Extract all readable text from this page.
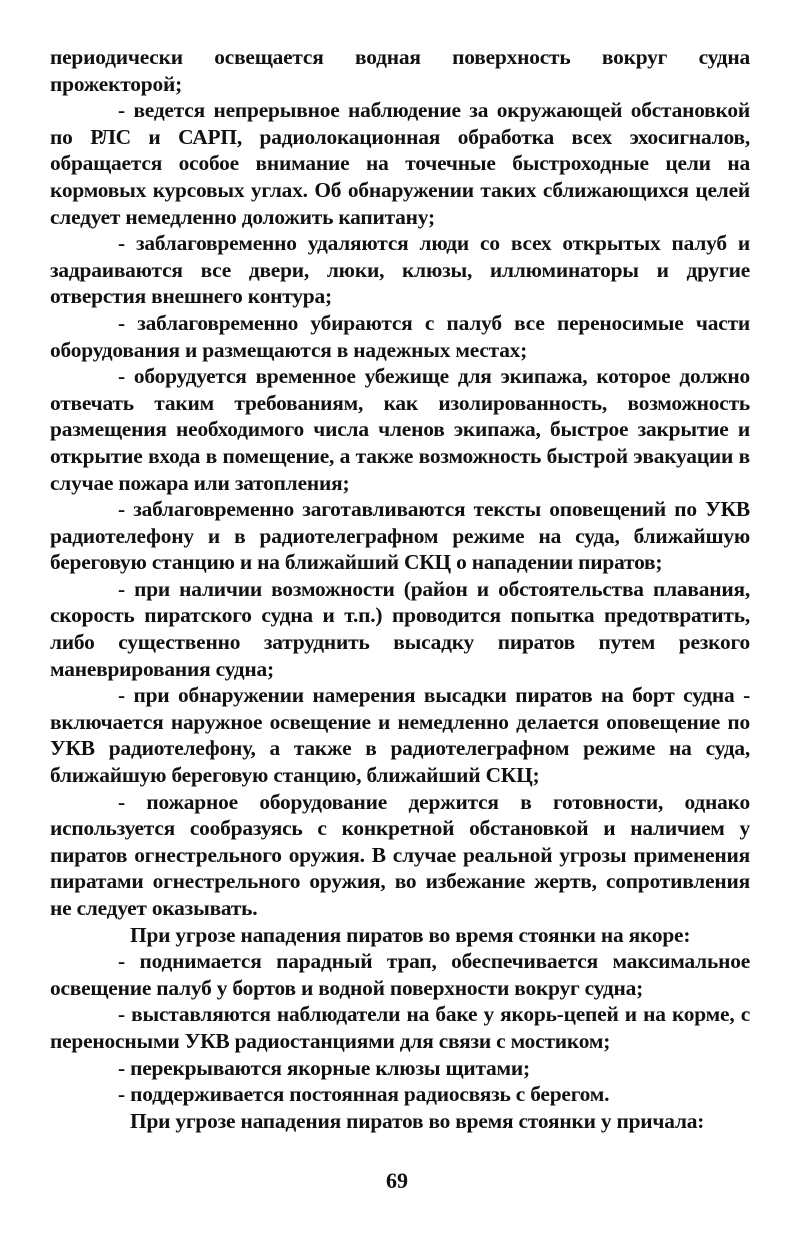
периодически освещается водная поверхность вокруг судна прожекторой;

- ведется непрерывное наблюдение за окружающей обстановкой по РЛС и САРП, радиолокационная обработка всех эхосигналов, обращается особое внимание на точечные быстроходные цели на кормовых курсовых углах. Об обнаружении таких сближающихся целей следует немедленно доложить капитану;

- заблаговременно удаляются люди со всех открытых палуб и задраиваются все двери, люки, клюзы, иллюминаторы и другие отверстия внешнего контура;

- заблаговременно убираются с палуб все переносимые части оборудования и размещаются в надежных местах;

- оборудуется временное убежище для экипажа, которое должно отвечать таким требованиям, как изолированность, возможность размещения необходимого числа членов экипажа, быстрое закрытие и открытие входа в помещение, а также возможность быстрой эвакуации в случае пожара или затопления;

- заблаговременно заготавливаются тексты оповещений по УКВ радиотелефону и в радиотелеграфном режиме на суда, ближайшую береговую станцию и на ближайший СКЦ о нападении пиратов;

- при наличии возможности (район и обстоятельства плавания, скорость пиратского судна и т.п.) проводится попытка предотвратить, либо существенно затруднить высадку пиратов путем резкого маневрирования судна;

- при обнаружении намерения высадки пиратов на борт судна - включается наружное освещение и немедленно делается оповещение по УКВ радиотелефону, а также в радиотелеграфном режиме на суда, ближайшую береговую станцию, ближайший СКЦ;

- пожарное оборудование держится в готовности, однако используется сообразуясь с конкретной обстановкой и наличием у пиратов огнестрельного оружия. В случае реальной угрозы применения пиратами огнестрельного оружия, во избежание жертв, сопротивления не следует оказывать.

При угрозе нападения пиратов во время стоянки на якоре:

- поднимается парадный трап, обеспечивается максимальное освещение палуб у бортов и водной поверхности вокруг судна;

- выставляются наблюдатели на баке у якорь-цепей и на корме, с переносными УКВ радиостанциями для связи с мостиком;

- перекрываются якорные клюзы щитами;

- поддерживается постоянная радиосвязь с берегом.

При угрозе нападения пиратов во время стоянки у причала:

69
